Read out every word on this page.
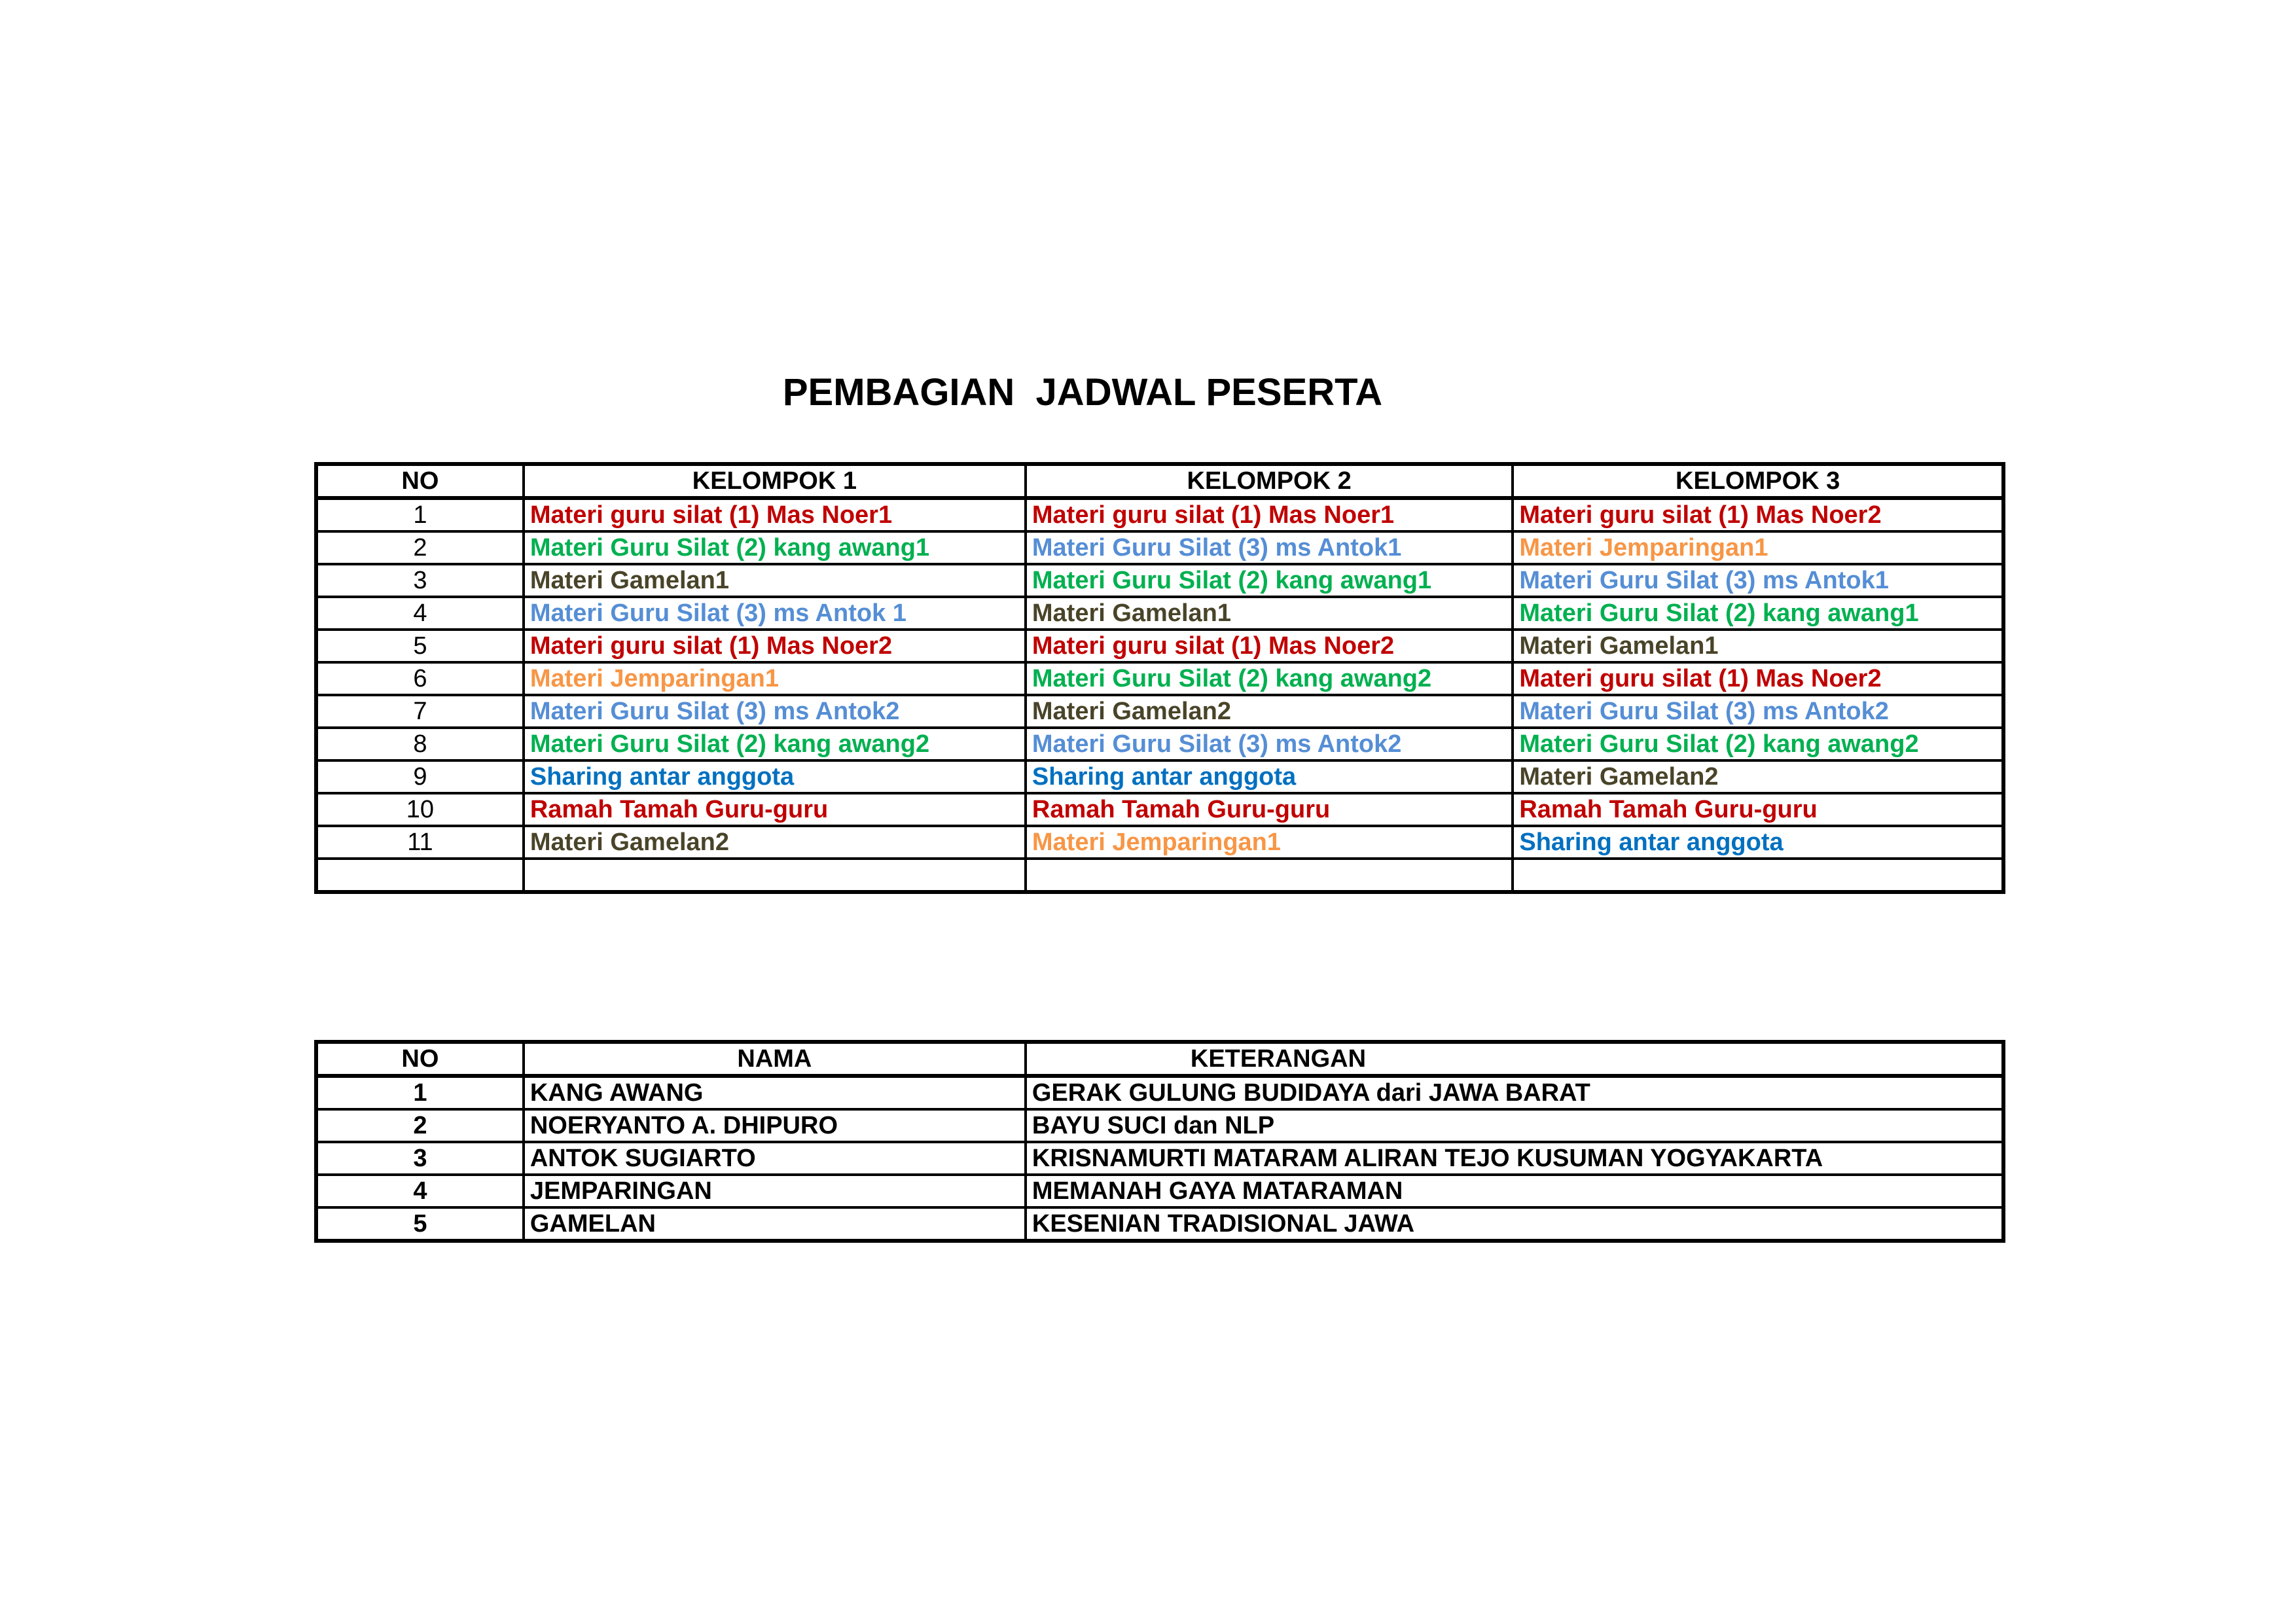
PEMBAGIAN  JADWAL PESERTA
NO	KELOMPOK 1	KELOMPOK 2	KELOMPOK 3
1	Materi guru silat (1) Mas Noer1	Materi guru silat (1) Mas Noer1	Materi guru silat (1) Mas Noer2
2	Materi Guru Silat (2) kang awang1	Materi Guru Silat (3) ms Antok1	Materi Jemparingan1
3	Materi Gamelan1	Materi Guru Silat (2) kang awang1	Materi Guru Silat (3) ms Antok1
4	Materi Guru Silat (3) ms Antok 1	Materi Gamelan1	Materi Guru Silat (2) kang awang1
5	Materi guru silat (1) Mas Noer2	Materi guru silat (1) Mas Noer2	Materi Gamelan1
6	Materi Jemparingan1	Materi Guru Silat (2) kang awang2	Materi guru silat (1) Mas Noer2
7	Materi Guru Silat (3) ms Antok2	Materi Gamelan2	Materi Guru Silat (3) ms Antok2
8	Materi Guru Silat (2) kang awang2	Materi Guru Silat (3) ms Antok2	Materi Guru Silat (2) kang awang2
9	Sharing antar anggota	Sharing antar anggota	Materi Gamelan2
10	Ramah Tamah Guru-guru	Ramah Tamah Guru-guru	Ramah Tamah Guru-guru
11	Materi Gamelan2	Materi Jemparingan1	Sharing antar anggota

NO	NAMA	KETERANGAN
1	KANG AWANG	GERAK GULUNG BUDIDAYA dari JAWA BARAT
2	NOERYANTO A. DHIPURO	BAYU SUCI dan NLP
3	ANTOK SUGIARTO	KRISNAMURTI MATARAM ALIRAN TEJO KUSUMAN YOGYAKARTA
4	JEMPARINGAN	MEMANAH GAYA MATARAMAN
5	GAMELAN	KESENIAN TRADISIONAL JAWA
